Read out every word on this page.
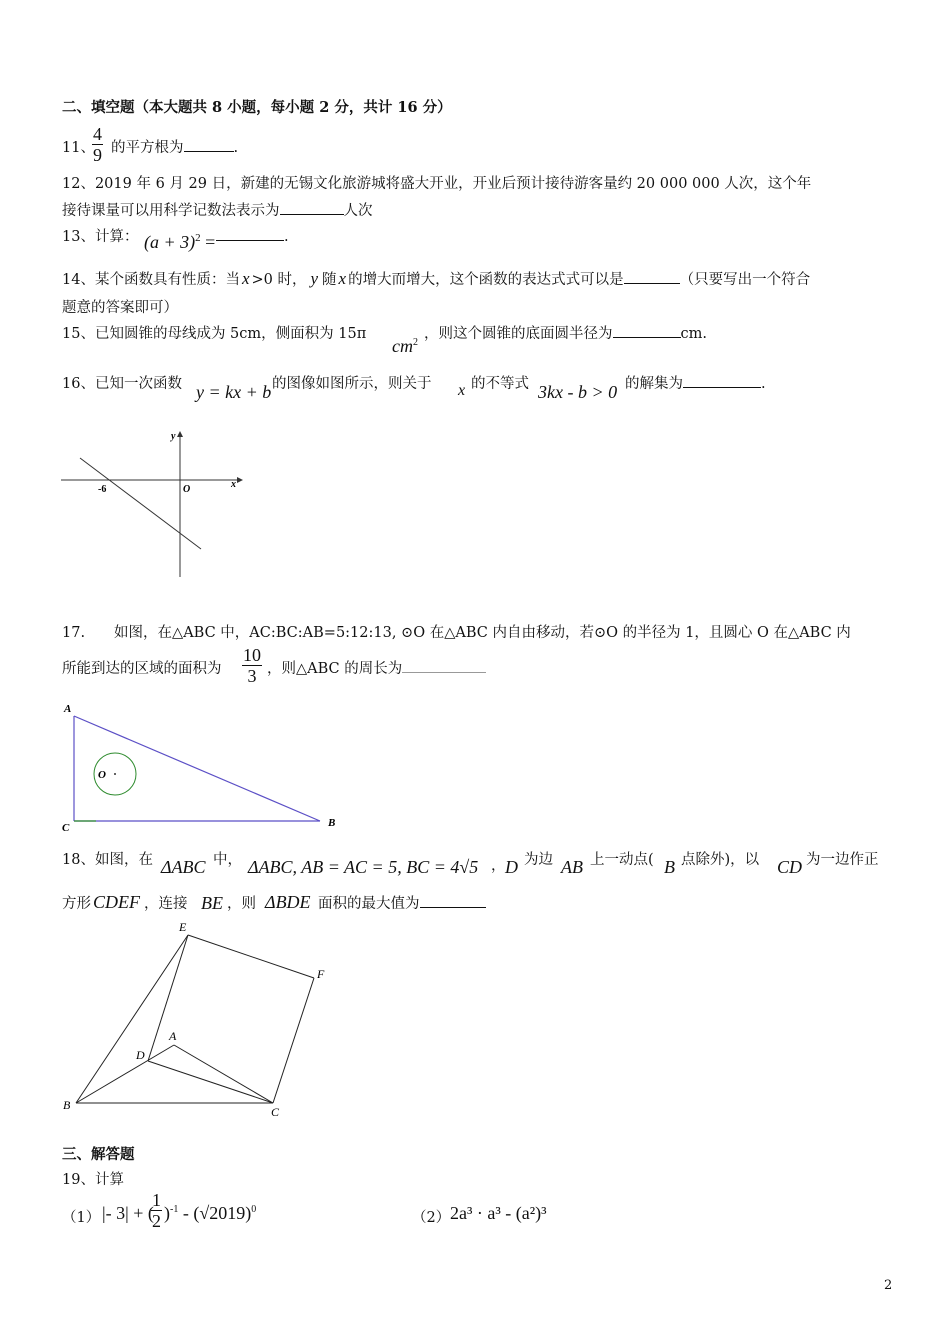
二、填空题（本大题共 8 小题，每小题 2 分，共计 16 分）
11、
$\frac{4}{9}$ 的平方根为	.
12、2019 年 6 月 29 日，新建的无锡文化旅游城将盛大开业，开业后预计接待游客量约 20 000 000 人次，这个年
接待课量可以用科学记数法表示为	人次
13、计算： $(a + 3)^2$ =	.
14、某个函数具有性质：当 x >0 时， y 随 x 的增大而增大，这个函数的表达式式可以是	（只要写出一个符合
题意的答案即可）
15、已知圆锥的母线成为 5cm，侧面积为 15π
$cm^2$
，则这个圆锥的底面圆半径为	cm.
16、已知一次函数 y = kx + b 的图像如图所示，则关于 x 的不等式 3kx - b > 0 的解集为	.
y
x
O
-6
17.　　如图，在△ABC 中，AC:BC:AB=5:12:13, ⊙O 在△ABC 内自由移动，若⊙O 的半径为 1，且圆心 O 在△ABC 内
所能到达的区域的面积为 $\frac{10}{3}$ ，则△ABC 的周长为
A
B
C
O
18、如图，在 ΔABC 中， ΔABC, AB = AC = 5, BC = 4√5 ， D 为边 AB 上一动点( B 点除外)，以 CD 为一边作正
方形 CDEF ，连接 BE ，则 ΔBDE 面积的最大值为
E
F
A
D
B	C
三、解答题
19、计算
（1） |- 3| + (
$\frac{1}{2} )^{-1} - (√2019)^0$
（2） 2a³ · a³ - (a²)³
2
